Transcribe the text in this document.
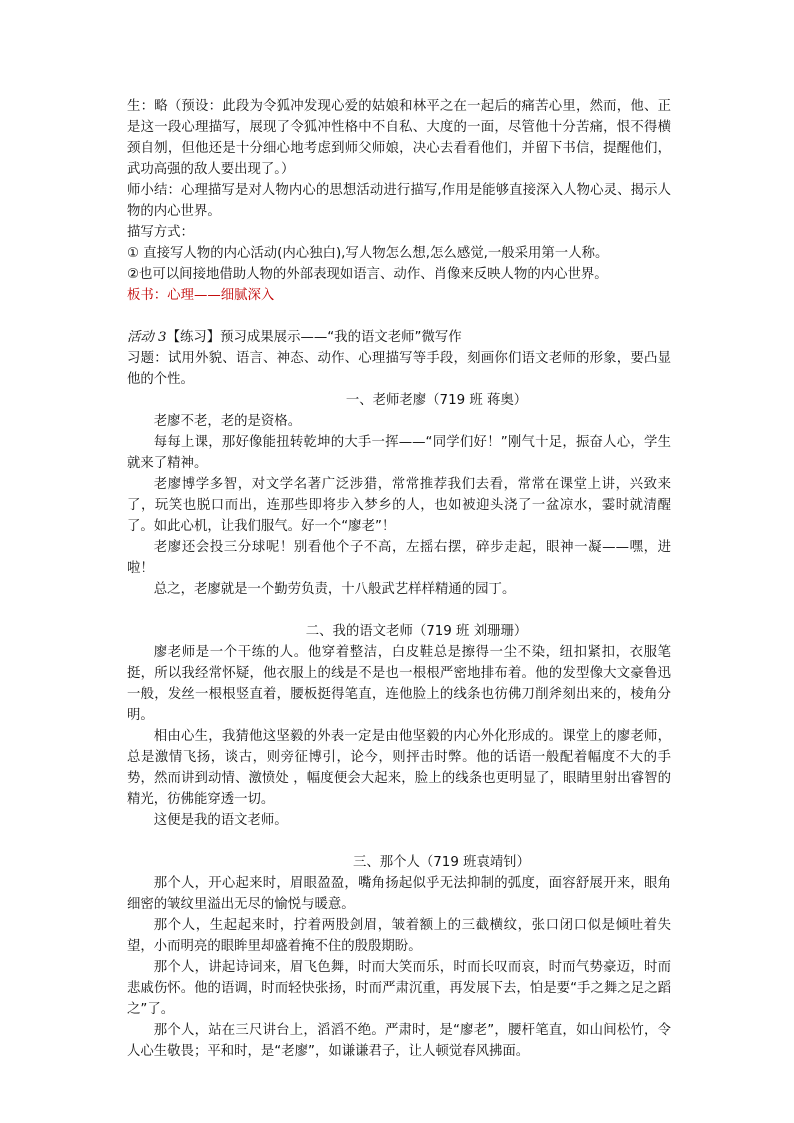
生：略（预设：此段为令狐冲发现心爱的姑娘和林平之在一起后的痛苦心里，然而，他、正是这一段心理描写，展现了令狐冲性格中不自私、大度的一面，尽管他十分苦痛，恨不得横颈自刎，但他还是十分细心地考虑到师父师娘，决心去看看他们，并留下书信，提醒他们，武功高强的敌人要出现了。）

师小结：心理描写是对人物内心的思想活动进行描写,作用是能够直接深入人物心灵、揭示人物的内心世界。

描写方式：

① 直接写人物的内心活动(内心独白),写人物怎么想,怎么感觉,一般采用第一人称。

②也可以间接地借助人物的外部表现如语言、动作、肖像来反映人物的内心世界。

板书：心理——细腻深入

活动 3【练习】预习成果展示——“我的语文老师”微写作

习题：试用外貌、语言、神态、动作、心理描写等手段，刻画你们语文老师的形象，要凸显他的个性。

一、老师老廖（719 班 蒋奥）

老廖不老，老的是资格。

每每上课，那好像能扭转乾坤的大手一挥——“同学们好！”刚气十足，振奋人心，学生就来了精神。

老廖博学多智，对文学名著广泛涉猎，常常推荐我们去看，常常在课堂上讲，兴致来了，玩笑也脱口而出，连那些即将步入梦乡的人，也如被迎头浇了一盆凉水，霎时就清醒了。如此心机，让我们服气。好一个“廖老”！

老廖还会投三分球呢！别看他个子不高，左摇右摆，碎步走起，眼神一凝——嘿，进啦！

总之，老廖就是一个勤劳负责，十八般武艺样样精通的园丁。

二、我的语文老师（719 班 刘珊珊）

廖老师是一个干练的人。他穿着整洁，白皮鞋总是擦得一尘不染，纽扣紧扣，衣服笔挺，所以我经常怀疑，他衣服上的线是不是也一根根严密地排布着。他的发型像大文豪鲁迅一般，发丝一根根竖直着，腰板挺得笔直，连他脸上的线条也彷佛刀削斧刻出来的，棱角分明。

相由心生，我猜他这坚毅的外表一定是由他坚毅的内心外化形成的。课堂上的廖老师，总是激情飞扬，谈古，则旁征博引，论今，则抨击时弊。他的话语一般配着幅度不大的手势，然而讲到动情、激愤处 ，幅度便会大起来，脸上的线条也更明显了，眼睛里射出睿智的精光，彷佛能穿透一切。

这便是我的语文老师。

三、那个人（719 班袁靖钊）

那个人，开心起来时，眉眼盈盈，嘴角扬起似乎无法抑制的弧度，面容舒展开来，眼角细密的皱纹里溢出无尽的愉悦与暖意。

那个人，生起起来时，拧着两股剑眉，皱着额上的三截横纹，张口闭口似是倾吐着失望，小而明亮的眼眸里却盛着掩不住的殷殷期盼。

那个人，讲起诗词来，眉飞色舞，时而大笑而乐，时而长叹而哀，时而气势豪迈，时而悲戚伤怀。他的语调，时而轻快张扬，时而严肃沉重，再发展下去，怕是要“手之舞之足之蹈之”了。

那个人，站在三尺讲台上，滔滔不绝。严肃时，是“廖老”，腰杆笔直，如山间松竹，令人心生敬畏；平和时，是“老廖”，如谦谦君子，让人顿觉春风拂面。
